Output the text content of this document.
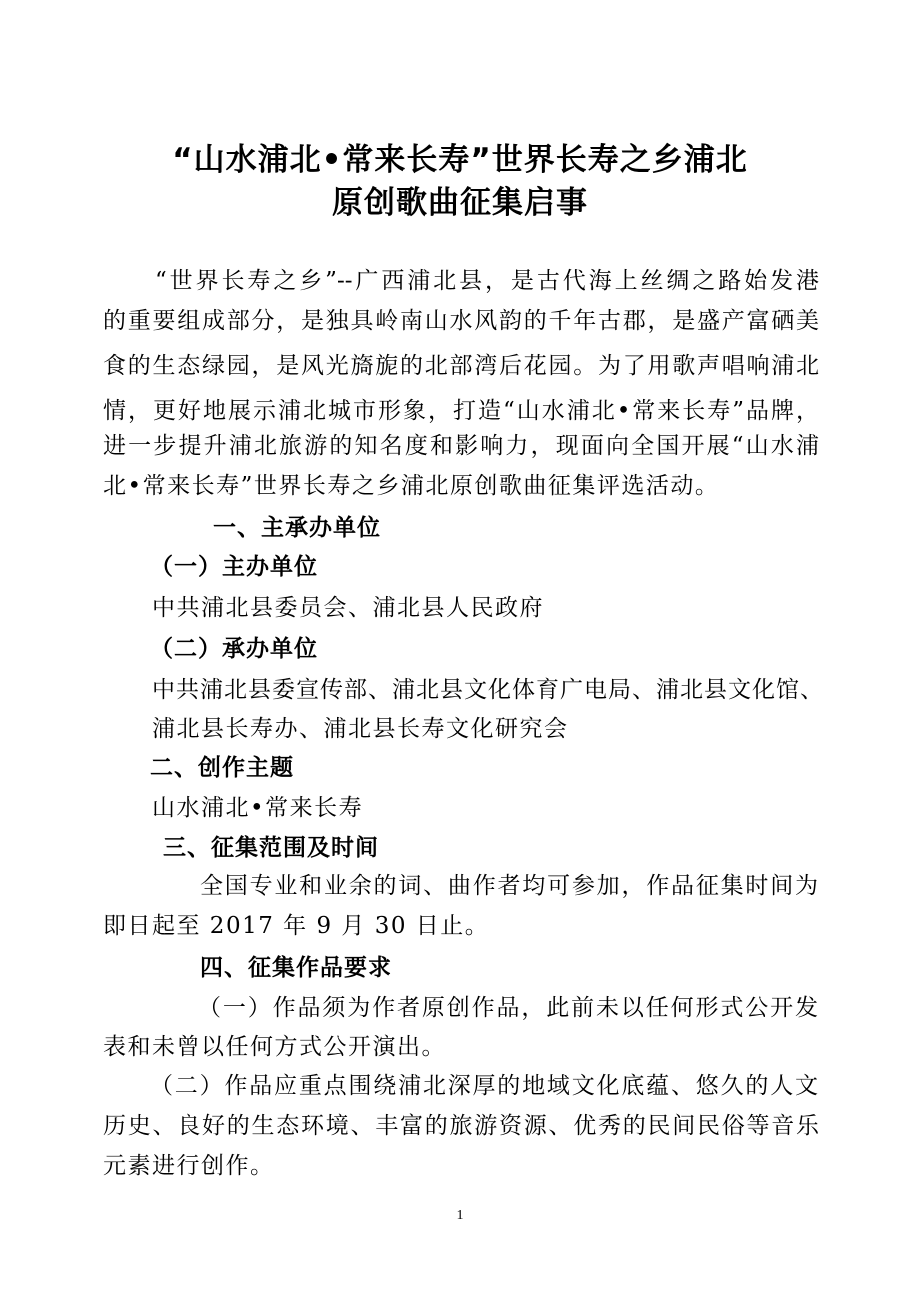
“山水浦北•常来长寿”世界长寿之乡浦北
原创歌曲征集启事
“世界长寿之乡”--广西浦北县，是古代海上丝绸之路始发港
的重要组成部分，是独具岭南山水风韵的千年古郡，是盛产富硒美
食的生态绿园，是风光旖旎的北部湾后花园。为了用歌声唱响浦北
情，更好地展示浦北城市形象，打造“山水浦北•常来长寿”品牌，
进一步提升浦北旅游的知名度和影响力，现面向全国开展“山水浦
北•常来长寿”世界长寿之乡浦北原创歌曲征集评选活动。
一、主承办单位
（一）主办单位
中共浦北县委员会、浦北县人民政府
（二）承办单位
中共浦北县委宣传部、浦北县文化体育广电局、浦北县文化馆、
浦北县长寿办、浦北县长寿文化研究会
二、创作主题
山水浦北•常来长寿
三、征集范围及时间
全国专业和业余的词、曲作者均可参加，作品征集时间为
即日起至 2017 年 9 月 30 日止。
四、征集作品要求
（一）作品须为作者原创作品，此前未以任何形式公开发
表和未曾以任何方式公开演出。
（二）作品应重点围绕浦北深厚的地域文化底蕴、悠久的人文
历史、良好的生态环境、丰富的旅游资源、优秀的民间民俗等音乐
元素进行创作。
1
